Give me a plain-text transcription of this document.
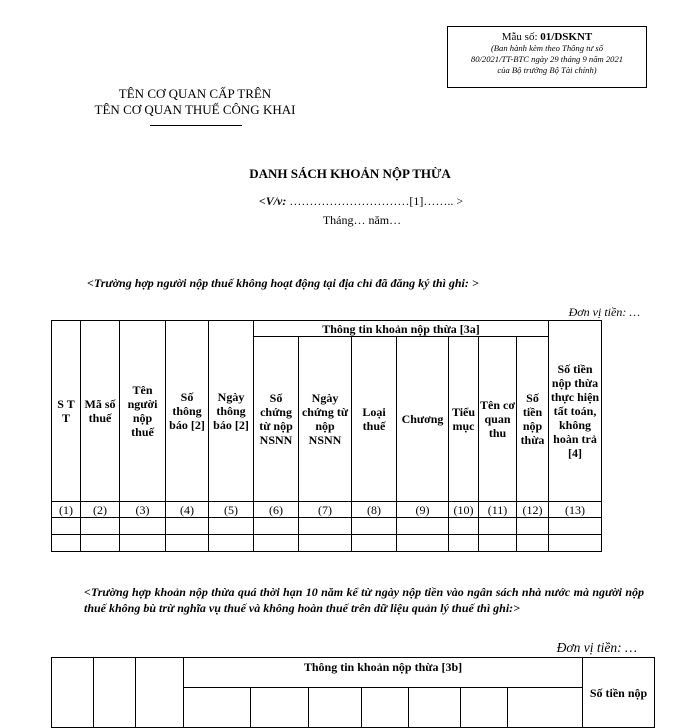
Mẫu số: 01/DSKNT
(Ban hành kèm theo Thông tư số
80/2021/TT-BTC ngày 29 tháng 9 năm 2021
của Bộ trưởng Bộ Tài chính)
TÊN CƠ QUAN CẤP TRÊN
TÊN CƠ QUAN THUẾ CÔNG KHAI
DANH SÁCH KHOẢN NỘP THỪA
<V/v: …………………………[1]…….. >
Tháng… năm…
<Trường hợp người nộp thuế không hoạt động tại địa chỉ đã đăng ký thì ghi: >
Đơn vị tiền: …
S T T	Mã số thuế	Tên người nộp thuế	Số thông báo [2]	Ngày thông báo [2]	Thông tin khoản nộp thừa [3a]							Số tiền nộp thừa thực hiện tất toán, không hoàn trả [4]
					Số chứng từ nộp NSNN	Ngày chứng từ nộp NSNN	Loại thuế	Chương	Tiểu mục	Tên cơ quan thu	Số tiền nộp thừa	
(1)	(2)	(3)	(4)	(5)	(6)	(7)	(8)	(9)	(10)	(11)	(12)	(13)

<Trường hợp khoản nộp thừa quá thời hạn 10 năm kể từ ngày nộp tiền vào ngân sách nhà nước mà người nộp thuế không bù trừ nghĩa vụ thuế và không hoàn thuế trên dữ liệu quản lý thuế thì ghi:>
Đơn vị tiền: …
			Thông tin khoản nộp thừa [3b]							Số tiền nộp
